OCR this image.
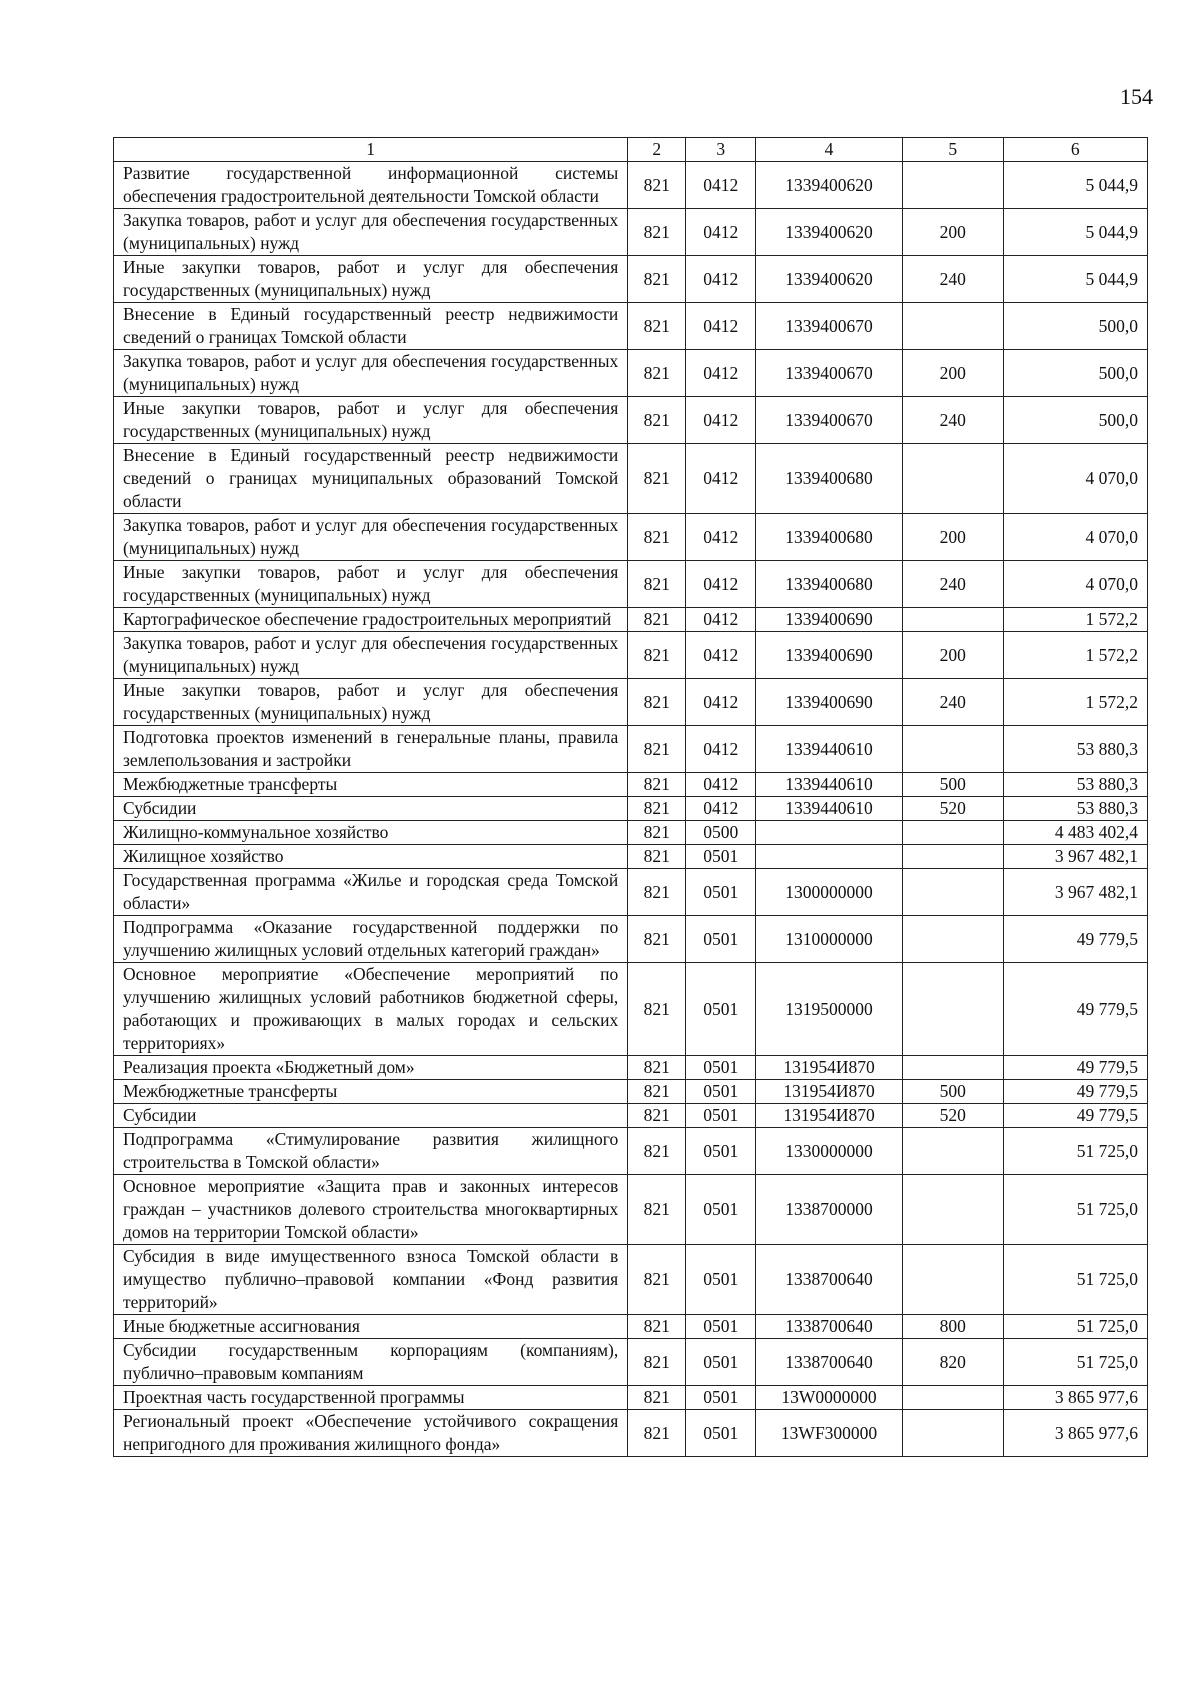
154
1	2	3	4	5	6
Развитие государственной информационной системы обеспечения градостроительной деятельности Томской области	821	0412	1339400620		5 044,9
Закупка товаров, работ и услуг для обеспечения государственных (муниципальных) нужд	821	0412	1339400620	200	5 044,9
Иные закупки товаров, работ и услуг для обеспечения государственных (муниципальных) нужд	821	0412	1339400620	240	5 044,9
Внесение в Единый государственный реестр недвижимости сведений о границах Томской области	821	0412	1339400670		500,0
Закупка товаров, работ и услуг для обеспечения государственных (муниципальных) нужд	821	0412	1339400670	200	500,0
Иные закупки товаров, работ и услуг для обеспечения государственных (муниципальных) нужд	821	0412	1339400670	240	500,0
Внесение в Единый государственный реестр недвижимости сведений о границах муниципальных образований Томской области	821	0412	1339400680		4 070,0
Закупка товаров, работ и услуг для обеспечения государственных (муниципальных) нужд	821	0412	1339400680	200	4 070,0
Иные закупки товаров, работ и услуг для обеспечения государственных (муниципальных) нужд	821	0412	1339400680	240	4 070,0
Картографическое обеспечение градостроительных мероприятий	821	0412	1339400690		1 572,2
Закупка товаров, работ и услуг для обеспечения государственных (муниципальных) нужд	821	0412	1339400690	200	1 572,2
Иные закупки товаров, работ и услуг для обеспечения государственных (муниципальных) нужд	821	0412	1339400690	240	1 572,2
Подготовка проектов изменений в генеральные планы, правила землепользования и застройки	821	0412	1339440610		53 880,3
Межбюджетные трансферты	821	0412	1339440610	500	53 880,3
Субсидии	821	0412	1339440610	520	53 880,3
Жилищно-коммунальное хозяйство	821	0500			4 483 402,4
Жилищное хозяйство	821	0501			3 967 482,1
Государственная программа «Жилье и городская среда Томской области»	821	0501	1300000000		3 967 482,1
Подпрограмма «Оказание государственной поддержки по улучшению жилищных условий отдельных категорий граждан»	821	0501	1310000000		49 779,5
Основное мероприятие «Обеспечение мероприятий по улучшению жилищных условий работников бюджетной сферы, работающих и проживающих в малых городах и сельских территориях»	821	0501	1319500000		49 779,5
Реализация проекта «Бюджетный дом»	821	0501	131954И870		49 779,5
Межбюджетные трансферты	821	0501	131954И870	500	49 779,5
Субсидии	821	0501	131954И870	520	49 779,5
Подпрограмма «Стимулирование развития жилищного строительства в Томской области»	821	0501	1330000000		51 725,0
Основное мероприятие «Защита прав и законных интересов граждан – участников долевого строительства многоквартирных домов на территории Томской области»	821	0501	1338700000		51 725,0
Субсидия в виде имущественного взноса Томской области в имущество публично–правовой компании «Фонд развития территорий»	821	0501	1338700640		51 725,0
Иные бюджетные ассигнования	821	0501	1338700640	800	51 725,0
Субсидии государственным корпорациям (компаниям), публично–правовым компаниям	821	0501	1338700640	820	51 725,0
Проектная часть государственной программы	821	0501	13W0000000		3 865 977,6
Региональный проект «Обеспечение устойчивого сокращения непригодного для проживания жилищного фонда»	821	0501	13WF300000		3 865 977,6
